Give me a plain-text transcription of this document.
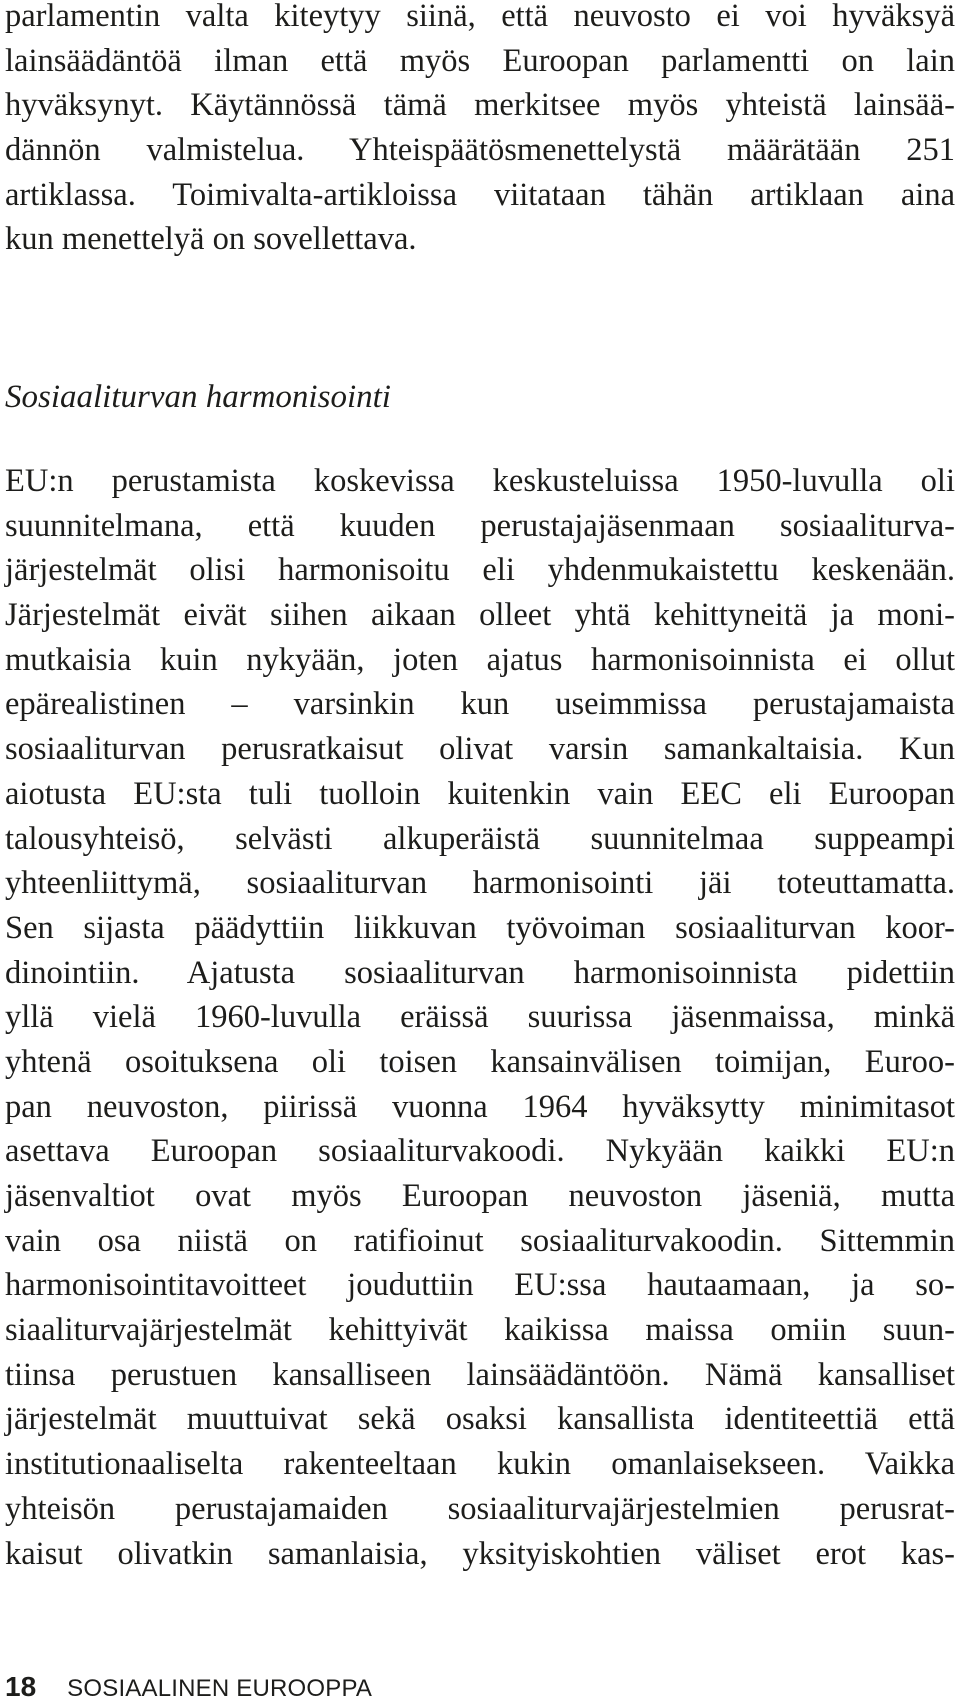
parlamentin valta kiteytyy siinä, että neuvosto ei voi hyväksyä
lainsäädäntöä ilman että myös Euroopan parlamentti on lain
hyväksynyt. Käytännössä tämä merkitsee myös yhteistä lainsää-
dännön valmistelua. Yhteispäätösmenettelystä määrätään 251
artiklassa. Toimivalta-artikloissa viitataan tähän artiklaan aina
kun menettelyä on sovellettava.
Sosiaaliturvan harmonisointi
EU:n perustamista koskevissa keskusteluissa 1950-luvulla oli
suunnitelmana, että kuuden perustajajäsenmaan sosiaaliturva-
järjestelmät olisi harmonisoitu eli yhdenmukaistettu keskenään.
Järjestelmät eivät siihen aikaan olleet yhtä kehittyneitä ja moni-
mutkaisia kuin nykyään, joten ajatus harmonisoinnista ei ollut
epärealistinen – varsinkin kun useimmissa perustajamaista
sosiaaliturvan perusratkaisut olivat varsin samankaltaisia. Kun
aiotusta EU:sta tuli tuolloin kuitenkin vain EEC eli Euroopan
talousyhteisö, selvästi alkuperäistä suunnitelmaa suppeampi
yhteenliittymä, sosiaaliturvan harmonisointi jäi toteuttamatta.
Sen sijasta päädyttiin liikkuvan työvoiman sosiaaliturvan koor-
dinointiin. Ajatusta sosiaaliturvan harmonisoinnista pidettiin
yllä vielä 1960-luvulla eräissä suurissa jäsenmaissa, minkä
yhtenä osoituksena oli toisen kansainvälisen toimijan, Euroo-
pan neuvoston, piirissä vuonna 1964 hyväksytty minimitasot
asettava Euroopan sosiaaliturvakoodi. Nykyään kaikki EU:n
jäsenvaltiot ovat myös Euroopan neuvoston jäseniä, mutta
vain osa niistä on ratifioinut sosiaaliturvakoodin. Sittemmin
harmonisointitavoitteet jouduttiin EU:ssa hautaamaan, ja so-
siaaliturvajärjestelmät kehittyivät kaikissa maissa omiin suun-
tiinsa perustuen kansalliseen lainsäädäntöön. Nämä kansalliset
järjestelmät muuttuivat sekä osaksi kansallista identiteettiä että
institutionaaliselta rakenteeltaan kukin omanlaisekseen. Vaikka
yhteisön perustajamaiden sosiaaliturvajärjestelmien perusrat-
kaisut olivatkin samanlaisia, yksityiskohtien väliset erot kas-
18 SOSIAALINEN EUROOPPA
